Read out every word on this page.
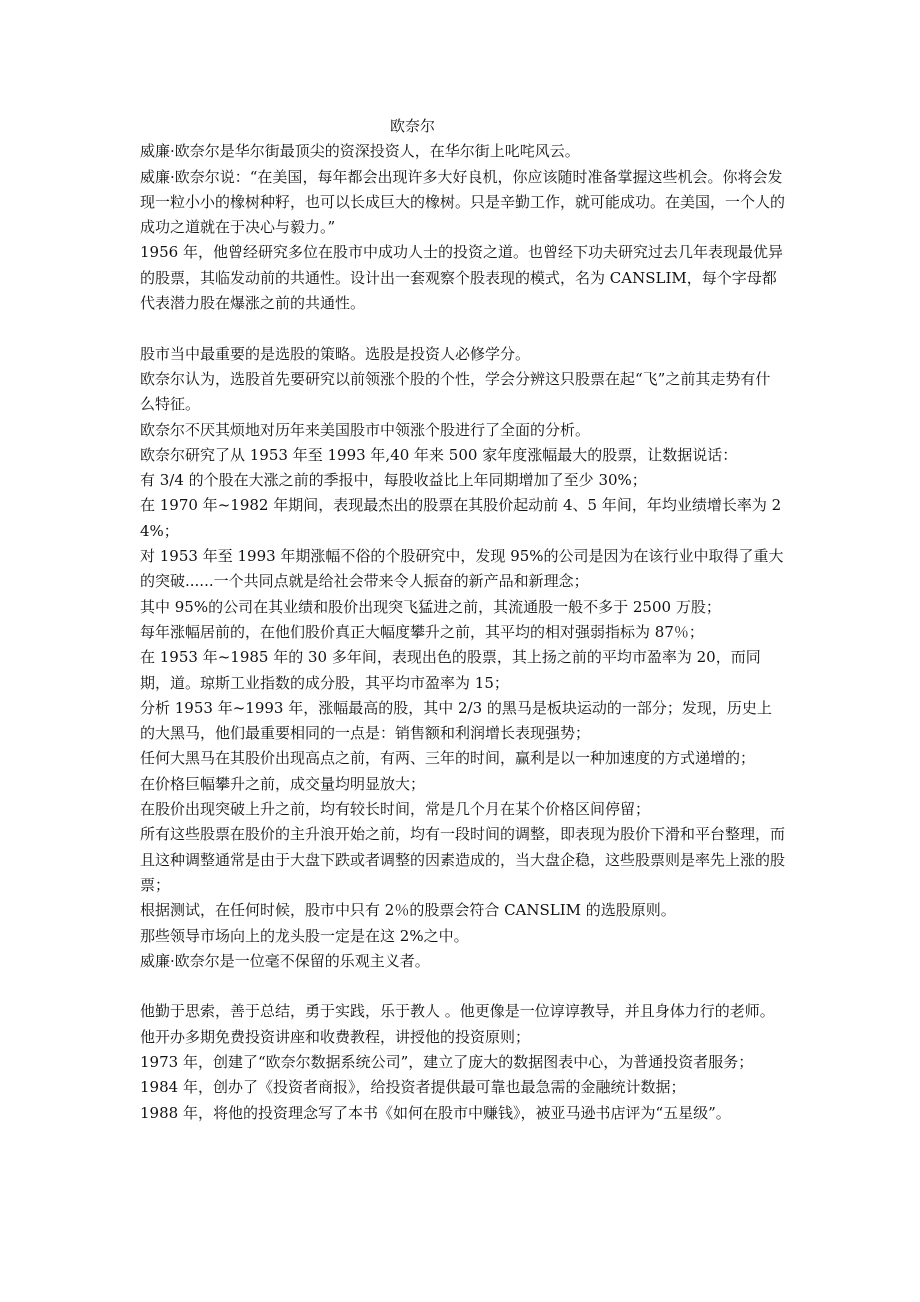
欧奈尔

威廉·欧奈尔是华尔街最顶尖的资深投资人，在华尔街上叱咤风云。

威廉·欧奈尔说：“在美国，每年都会出现许多大好良机，你应该随时准备掌握这些机会。你将会发现一粒小小的橡树种籽，也可以长成巨大的橡树。只是辛勤工作，就可能成功。在美国，一个人的成功之道就在于决心与毅力。”

1956 年，他曾经研究多位在股市中成功人士的投资之道。也曾经下功夫研究过去几年表现最优异的股票，其临发动前的共通性。设计出一套观察个股表现的模式，名为 CANSLIM，每个字母都代表潜力股在爆涨之前的共通性。

股市当中最重要的是选股的策略。选股是投资人必修学分。

欧奈尔认为，选股首先要研究以前领涨个股的个性，学会分辨这只股票在起“飞”之前其走势有什么特征。

欧奈尔不厌其烦地对历年来美国股市中领涨个股进行了全面的分析。

欧奈尔研究了从 1953 年至 1993 年,40 年来 500 家年度涨幅最大的股票，让数据说话：

有 3/4 的个股在大涨之前的季报中，每股收益比上年同期增加了至少 30%；

在 1970 年~1982 年期间，表现最杰出的股票在其股价起动前 4、5 年间，年均业绩增长率为 24%；

对 1953 年至 1993 年期涨幅不俗的个股研究中，发现 95%的公司是因为在该行业中取得了重大的突破......一个共同点就是给社会带来令人振奋的新产品和新理念；

其中 95%的公司在其业绩和股价出现突飞猛进之前，其流通股一般不多于 2500 万股；

每年涨幅居前的，在他们股价真正大幅度攀升之前，其平均的相对强弱指标为 87％；

在 1953 年~1985 年的 30 多年间，表现出色的股票，其上扬之前的平均市盈率为 20，而同期，道。琼斯工业指数的成分股，其平均市盈率为 15；

分析 1953 年~1993 年，涨幅最高的股，其中 2/3 的黑马是板块运动的一部分；发现，历史上的大黑马，他们最重要相同的一点是：销售额和利润增长表现强势；

任何大黑马在其股价出现高点之前，有两、三年的时间，赢利是以一种加速度的方式递增的；

在价格巨幅攀升之前，成交量均明显放大；

在股价出现突破上升之前，均有较长时间，常是几个月在某个价格区间停留；

所有这些股票在股价的主升浪开始之前，均有一段时间的调整，即表现为股价下滑和平台整理，而且这种调整通常是由于大盘下跌或者调整的因素造成的，当大盘企稳，这些股票则是率先上涨的股票；

根据测试，在任何时候，股市中只有 2％的股票会符合 CANSLIM 的选股原则。

那些领导市场向上的龙头股一定是在这 2%之中。

威廉·欧奈尔是一位毫不保留的乐观主义者。

他勤于思索，善于总结，勇于实践，乐于教人 。他更像是一位谆谆教导，并且身体力行的老师。

他开办多期免费投资讲座和收费教程，讲授他的投资原则；

1973 年，创建了“欧奈尔数据系统公司”，建立了庞大的数据图表中心，为普通投资者服务；

1984 年，创办了《投资者商报》，给投资者提供最可靠也最急需的金融统计数据；

1988 年，将他的投资理念写了本书《如何在股市中赚钱》，被亚马逊书店评为“五星级”。
